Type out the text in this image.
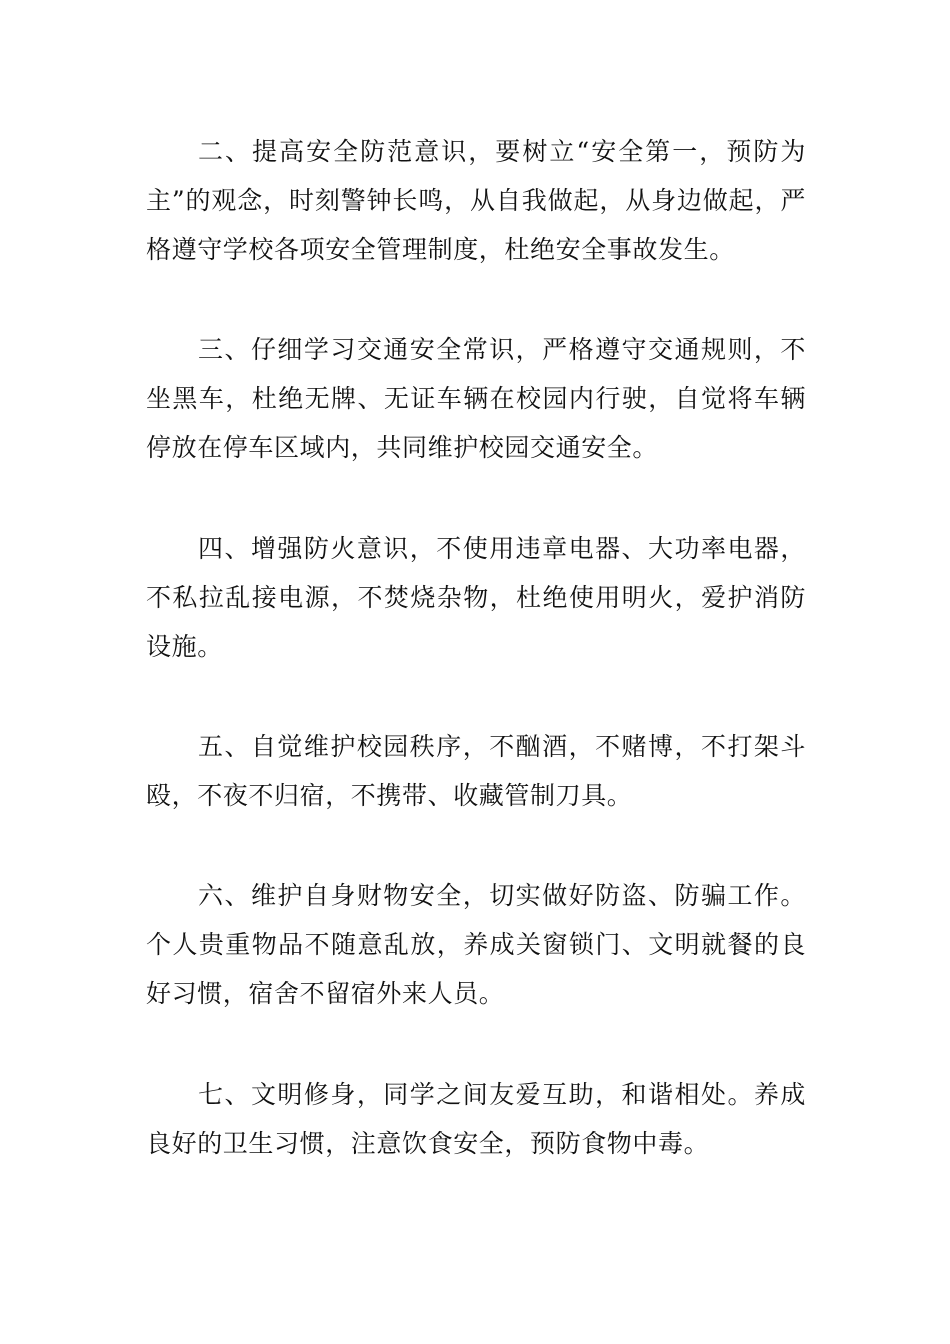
二、提高安全防范意识，要树立“安全第一，预防为主”的观念，时刻警钟长鸣，从自我做起，从身边做起，严格遵守学校各项安全管理制度，杜绝安全事故发生。

三、仔细学习交通安全常识，严格遵守交通规则，不坐黑车，杜绝无牌、无证车辆在校园内行驶，自觉将车辆停放在停车区域内，共同维护校园交通安全。

四、增强防火意识，不使用违章电器、大功率电器，不私拉乱接电源，不焚烧杂物，杜绝使用明火，爱护消防设施。

五、自觉维护校园秩序，不酗酒，不赌博，不打架斗殴，不夜不归宿，不携带、收藏管制刀具。

六、维护自身财物安全，切实做好防盗、防骗工作。个人贵重物品不随意乱放，养成关窗锁门、文明就餐的良好习惯，宿舍不留宿外来人员。

七、文明修身，同学之间友爱互助，和谐相处。养成良好的卫生习惯，注意饮食安全，预防食物中毒。
